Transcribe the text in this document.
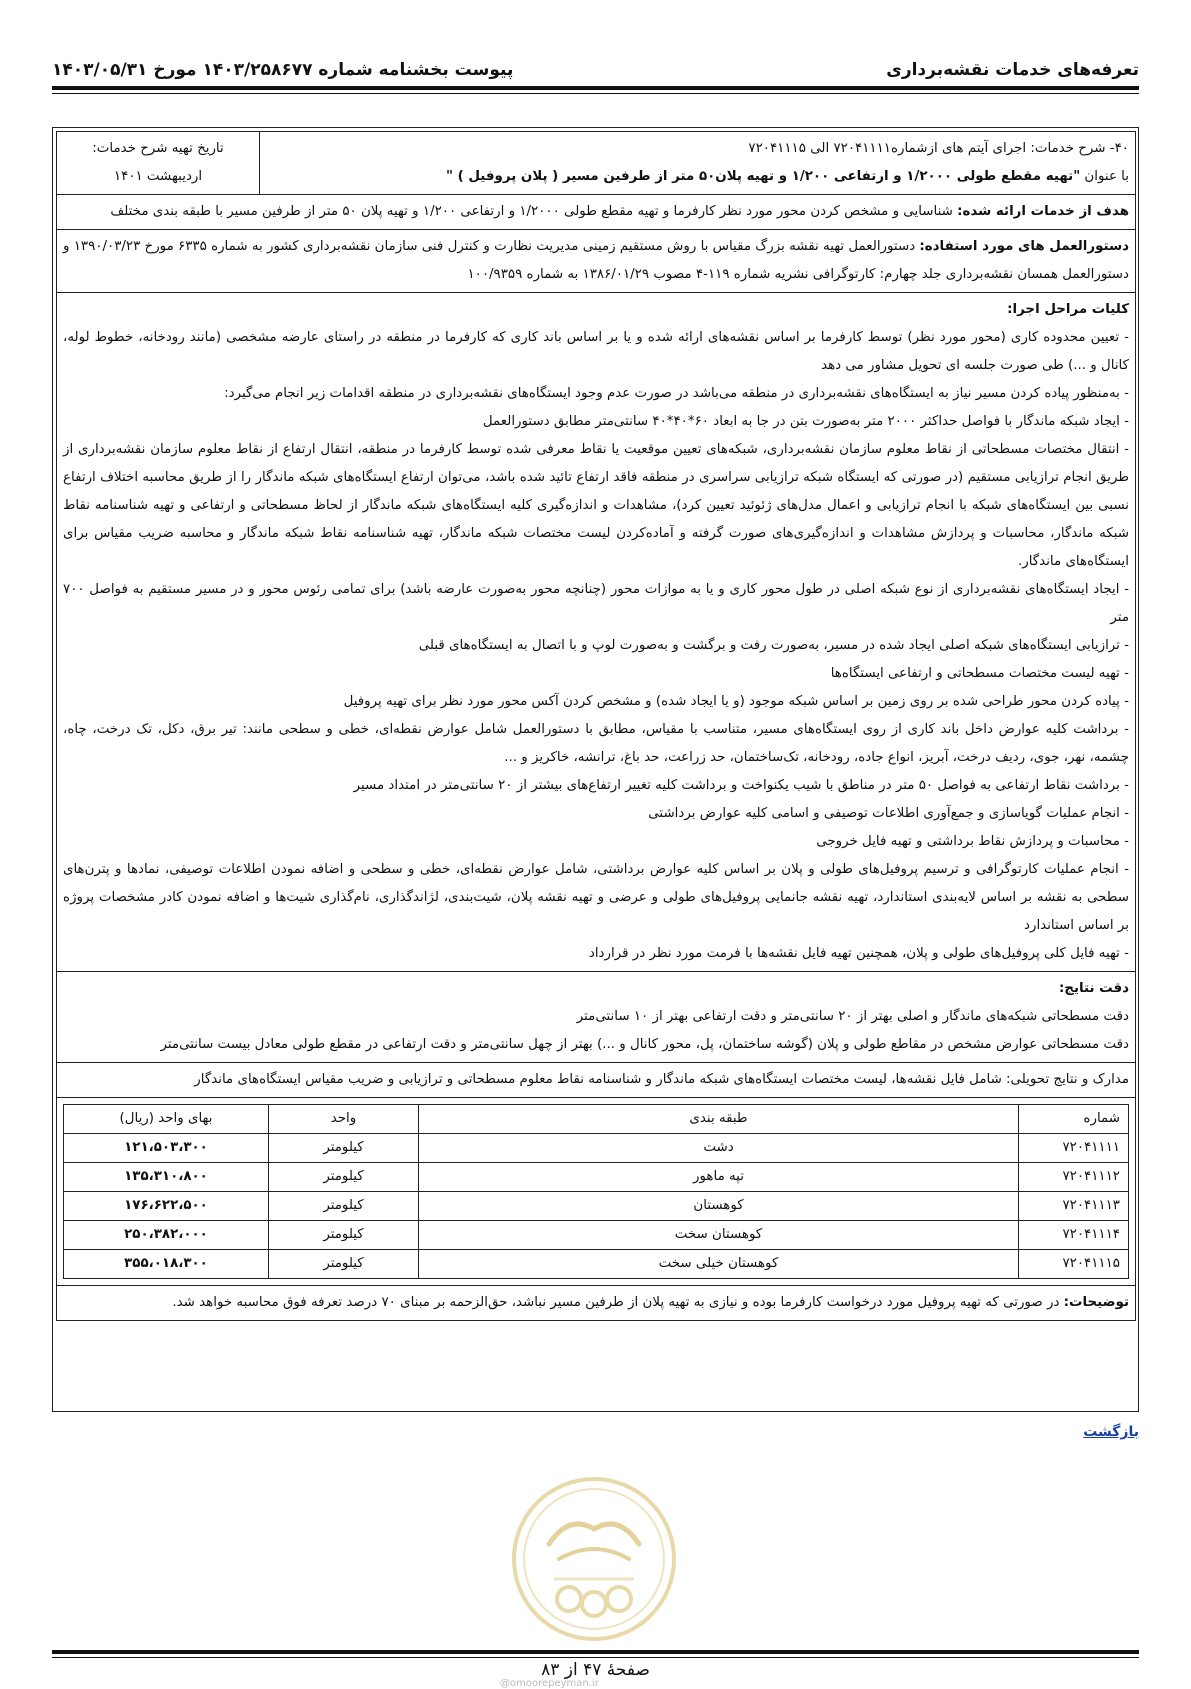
تعرفه‌های خدمات نقشه‌برداری
پیوست بخشنامه شماره ۱۴۰۳/۲۵۸۶۷۷ مورخ ۱۴۰۳/۰۵/۳۱
۴۰- شرح خدمات: اجرای آیتم های ازشماره۷۲۰۴۱۱۱۱ الی ۷۲۰۴۱۱۱۵
با عنوان "تهیه مقطع طولی ۱/۲۰۰۰ و ارتفاعی ۱/۲۰۰ و تهیه پلان۵۰ متر از طرفین مسیر ( پلان پروفیل ) "

تاریخ تهیه شرح خدمات:
اردیبهشت ۱۴۰۱

هدف از خدمات ارائه شده: شناسایی و مشخص کردن محور مورد نظر کارفرما و تهیه مقطع طولی ۱/۲۰۰۰ و ارتفاعی ۱/۲۰۰ و تهیه پلان ۵۰ متر از طرفین مسیر با طبقه بندی مختلف
دستورالعمل های مورد استفاده: دستورالعمل تهیه نقشه بزرگ مقیاس با روش مستقیم زمینی مدیریت نظارت و کنترل فنی سازمان نقشه‌برداری کشور به شماره ۶۳۳۵ مورخ ۱۳۹۰/۰۳/۲۳ و دستورالعمل همسان نقشه‌برداری جلد چهارم: کارتوگرافی نشریه شماره ۱۱۹-۴ مصوب ۱۳۸۶/۰۱/۲۹ به شماره ۱۰۰/۹۳۵۹

کلیات مراحل اجرا:
- تعیین محدوده کاری (محور مورد نظر) توسط کارفرما بر اساس نقشه‌های ارائه شده و یا بر اساس باند کاری که کارفرما در منطقه در راستای عارضه مشخصی (مانند رودخانه، خطوط لوله، کانال و ...) طی صورت جلسه ای تحویل مشاور می دهد
- به‌منظور پیاده کردن مسیر نیاز به ایستگاه‌های نقشه‌برداری در منطقه می‌باشد در صورت عدم وجود ایستگاه‌های نقشه‌برداری در منطقه اقدامات زیر انجام می‌گیرد:
- ایجاد شبکه ماندگار با فواصل حداکثر ۲۰۰۰ متر به‌صورت بتن در جا به ابعاد ۶۰*۴۰*۴۰ سانتی‌متر مطابق دستورالعمل
- انتقال مختصات مسطحاتی از نقاط معلوم سازمان نقشه‌برداری، شبکه‌های تعیین موقعیت یا نقاط معرفی شده توسط کارفرما در منطقه، انتقال ارتفاع از نقاط معلوم سازمان نقشه‌برداری از طریق انجام ترازیابی مستقیم (در صورتی که ایستگاه شبکه ترازیابی سراسری در منطقه فاقد ارتفاع تائید شده باشد، می‌توان ارتفاع ایستگاه‌های شبکه ماندگار را از طریق محاسبه اختلاف ارتفاع نسبی بین ایستگاه‌های شبکه با انجام ترازیابی و اعمال مدل‌های ژئوئید تعیین کرد)، مشاهدات و اندازه‌گیری کلیه ایستگاه‌های شبکه ماندگار از لحاظ مسطحاتی و ارتفاعی و تهیه شناسنامه نقاط شبکه ماندگار، محاسبات و پردازش مشاهدات و اندازه‌گیری‌های صورت گرفته و آماده‌کردن لیست مختصات شبکه ماندگار، تهیه شناسنامه نقاط شبکه ماندگار و محاسبه ضریب مقیاس برای ایستگاه‌های ماندگار.
- ایجاد ایستگاه‌های نقشه‌برداری از نوع شبکه اصلی در طول محور کاری و یا به موازات محور (چنانچه محور به‌صورت عارضه باشد) برای تمامی رئوس محور و در مسیر مستقیم به فواصل ۷۰۰ متر
- ترازیابی ایستگاه‌های شبکه اصلی ایجاد شده در مسیر، به‌صورت رفت و برگشت و به‌صورت لوپ و با اتصال به ایستگاه‌های قبلی
- تهیه لیست مختصات مسطحاتی و ارتفاعی ایستگاه‌ها
- پیاده کردن محور طراحی شده بر روی زمین بر اساس شبکه موجود (و یا ایجاد شده) و مشخص کردن آکس محور مورد نظر برای تهیه پروفیل
- برداشت کلیه عوارض داخل باند کاری از روی ایستگاه‌های مسیر، متناسب با مقیاس، مطابق با دستورالعمل شامل عوارض نقطه‌ای، خطی و سطحی مانند: تیر برق، دکل، تک درخت، چاه، چشمه، نهر، جوی، ردیف درخت، آبریز، انواع جاده، رودخانه، تک‌ساختمان، حد زراعت، حد باغ، ترانشه، خاکریز و ...
- برداشت نقاط ارتفاعی به فواصل ۵۰ متر در مناطق با شیب یکنواخت و برداشت کلیه تغییر ارتفاع‌های بیشتر از ۲۰ سانتی‌متر در امتداد مسیر
- انجام عملیات گویاسازی و جمع‌آوری اطلاعات توصیفی و اسامی کلیه عوارض برداشتی
- محاسبات و پردازش نقاط برداشتی و تهیه فایل خروجی
- انجام عملیات کارتوگرافی و ترسیم پروفیل‌های طولی و پلان بر اساس کلیه عوارض برداشتی، شامل عوارض نقطه‌ای، خطی و سطحی و اضافه نمودن اطلاعات توصیفی، نمادها و پترن‌های سطحی به نقشه بر اساس لایه‌بندی استاندارد، تهیه نقشه جانمایی پروفیل‌های طولی و عرضی و تهیه نقشه پلان، شیت‌بندی، لژاندگذاری، نام‌گذاری شیت‌ها و اضافه نمودن کادر مشخصات پروژه بر اساس استاندارد
- تهیه فایل کلی پروفیل‌های طولی و پلان، همچنین تهیه فایل نقشه‌ها با فرمت مورد نظر در قرارداد

دقت نتایج:
دقت مسطحاتی شبکه‌های ماندگار و اصلی بهتر از ۲۰ سانتی‌متر و دقت ارتفاعی بهتر از ۱۰ سانتی‌متر
دقت مسطحاتی عوارض مشخص در مقاطع طولی و پلان (گوشه ساختمان، پل، محور کانال و ...) بهتر از چهل سانتی‌متر و دقت ارتفاعی در مقطع طولی معادل بیست سانتی‌متر

مدارک و نتایج تحویلی: شامل فایل نقشه‌ها، لیست مختصات ایستگاه‌های شبکه ماندگار و شناسنامه نقاط معلوم مسطحاتی و ترازیابی و ضریب مقیاس ایستگاه‌های ماندگار

شماره	طبقه بندی	واحد	بهای واحد (ریال)
۷۲۰۴۱۱۱۱	دشت	کیلومتر	۱۲۱،۵۰۳،۳۰۰
۷۲۰۴۱۱۱۲	تپه ماهور	کیلومتر	۱۳۵،۳۱۰،۸۰۰
۷۲۰۴۱۱۱۳	کوهستان	کیلومتر	۱۷۶،۶۲۲،۵۰۰
۷۲۰۴۱۱۱۴	کوهستان سخت	کیلومتر	۲۵۰،۳۸۲،۰۰۰
۷۲۰۴۱۱۱۵	کوهستان خیلی سخت	کیلومتر	۳۵۵،۰۱۸،۳۰۰

توضیحات: در صورتی که تهیه پروفیل مورد درخواست کارفرما بوده و نیازی به تهیه پلان از طرفین مسیر نباشد، حق‌الزحمه بر مبنای ۷۰ درصد تعرفه فوق محاسبه خواهد شد.
بازگشت
صفحهٔ ۴۷ از ۸۳
@omoorepeyman.ir
